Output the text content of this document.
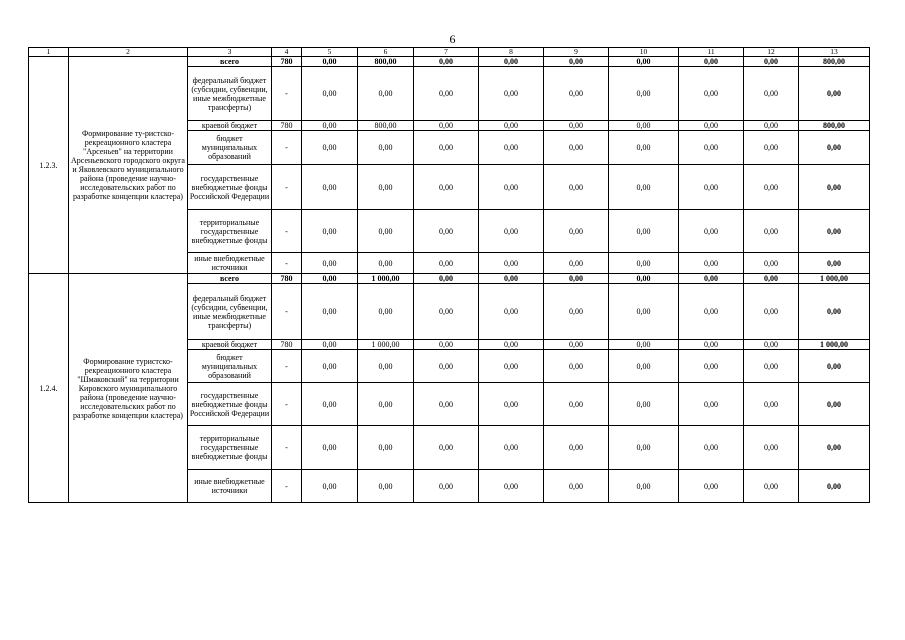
6
1	2	3	4	5	6	7	8	9	10	11	12	13
1.2.3.	Формирование ту-ристско-рекреационного кластера "Арсеньев" на территории Арсеньевского городского округа и Яковлевского муниципального района (проведение научно-исследовательских работ по разработке концепции кластера)	всего	780	0,00	800,00	0,00	0,00	0,00	0,00	0,00	0,00	800,00
		федеральный бюджет (субсидии, субвенции, иные межбюджетные трансферты)	-	0,00	0,00	0,00	0,00	0,00	0,00	0,00	0,00	0,00
		краевой бюджет	780	0,00	800,00	0,00	0,00	0,00	0,00	0,00	0,00	800,00
		бюджет муниципальных образований	-	0,00	0,00	0,00	0,00	0,00	0,00	0,00	0,00	0,00
		государственные внебюджетные фонды Российской Федерации	-	0,00	0,00	0,00	0,00	0,00	0,00	0,00	0,00	0,00
		территориальные государственные внебюджетные фонды	-	0,00	0,00	0,00	0,00	0,00	0,00	0,00	0,00	0,00
		иные внебюджетные источники	-	0,00	0,00	0,00	0,00	0,00	0,00	0,00	0,00	0,00
1.2.4.	Формирование туристско-рекреационного кластера "Шмаковский" на территории Кировского муниципального района (проведение научно-исследовательских работ по разработке концепции кластера)	всего	780	0,00	1 000,00	0,00	0,00	0,00	0,00	0,00	0,00	1 000,00
		федеральный бюджет (субсидии, субвенции, иные межбюджетные трансферты)	-	0,00	0,00	0,00	0,00	0,00	0,00	0,00	0,00	0,00
		краевой бюджет	780	0,00	1 000,00	0,00	0,00	0,00	0,00	0,00	0,00	1 000,00
		бюджет муниципальных образований	-	0,00	0,00	0,00	0,00	0,00	0,00	0,00	0,00	0,00
		государственные внебюджетные фонды Российской Федерации	-	0,00	0,00	0,00	0,00	0,00	0,00	0,00	0,00	0,00
		территориальные государственные внебюджетные фонды	-	0,00	0,00	0,00	0,00	0,00	0,00	0,00	0,00	0,00
		иные внебюджетные источники	-	0,00	0,00	0,00	0,00	0,00	0,00	0,00	0,00	0,00
